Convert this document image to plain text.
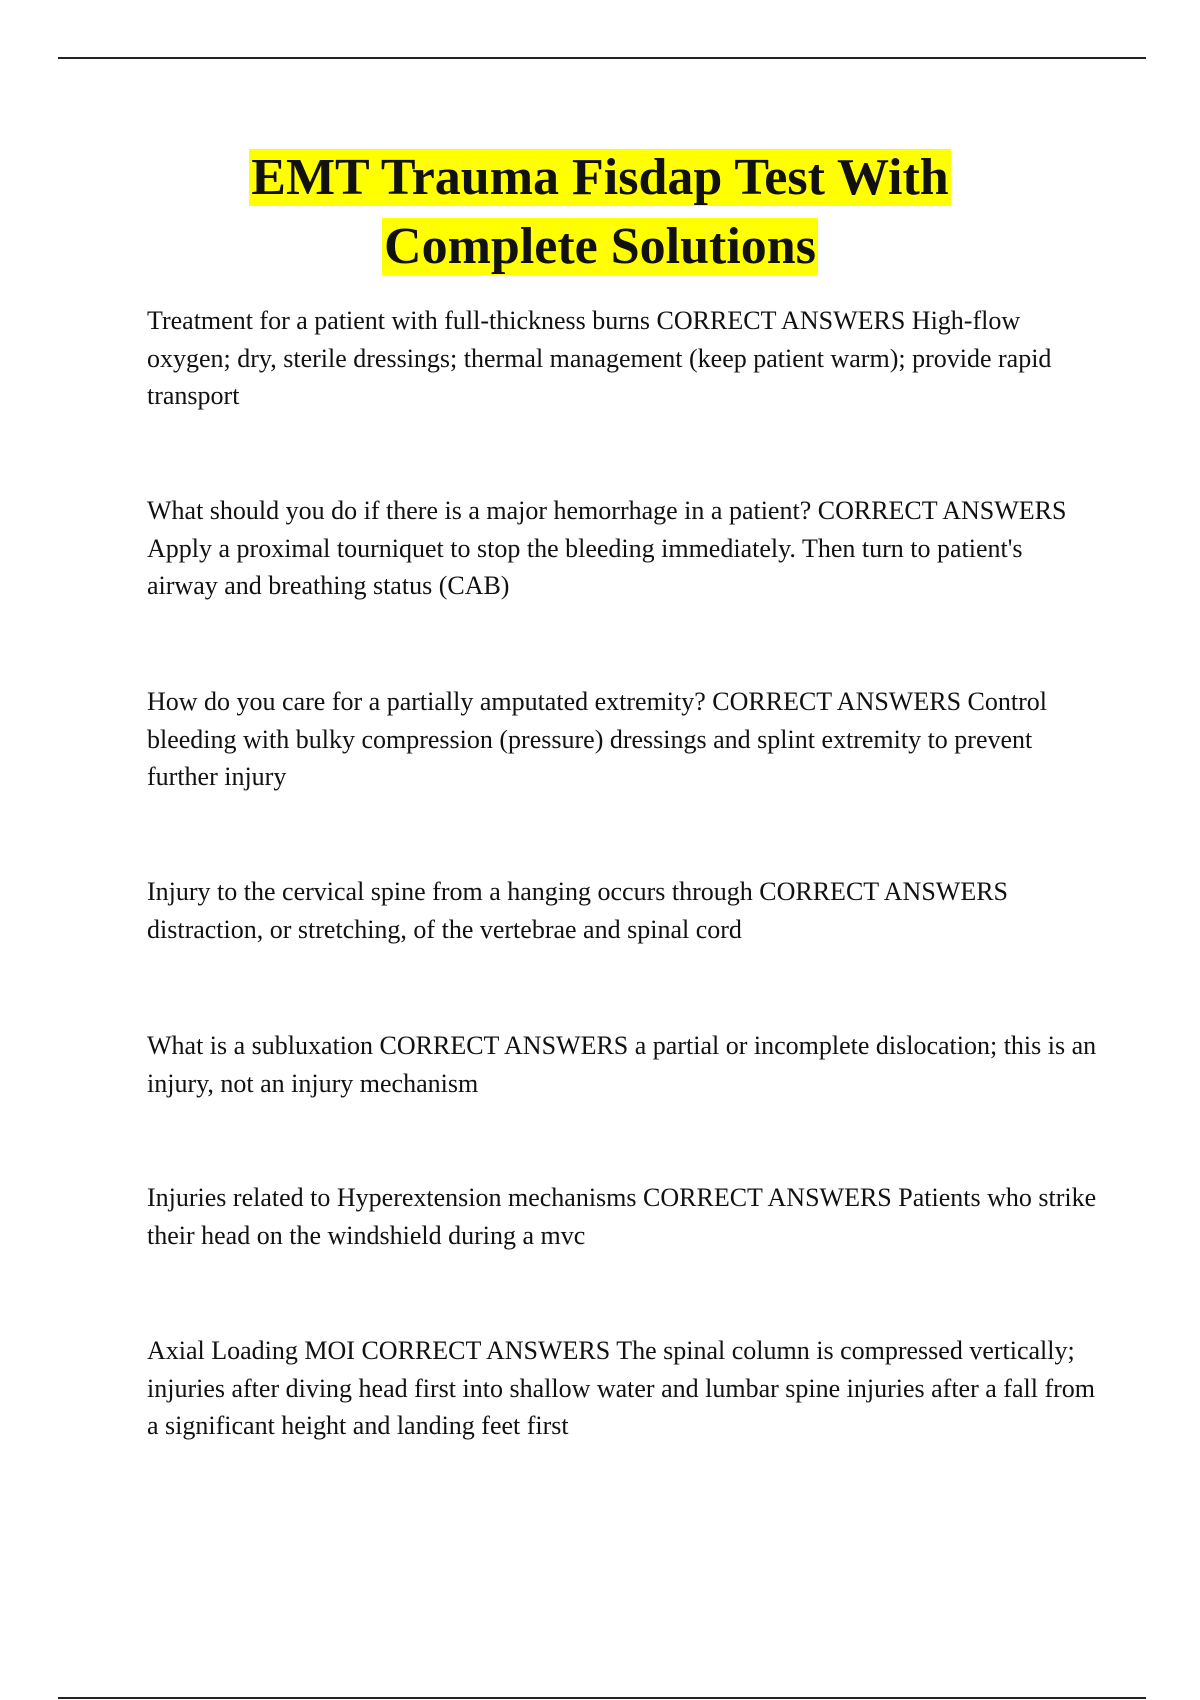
EMT Trauma Fisdap Test With
Complete Solutions
Treatment for a patient with full-thickness burns CORRECT ANSWERS High-flow oxygen; dry, sterile dressings; thermal management (keep patient warm); provide rapid transport
What should you do if there is a major hemorrhage in a patient? CORRECT ANSWERS Apply a proximal tourniquet to stop the bleeding immediately. Then turn to patient's airway and breathing status (CAB)
How do you care for a partially amputated extremity? CORRECT ANSWERS Control bleeding with bulky compression (pressure) dressings and splint extremity to prevent further injury
Injury to the cervical spine from a hanging occurs through CORRECT ANSWERS distraction, or stretching, of the vertebrae and spinal cord
What is a subluxation CORRECT ANSWERS a partial or incomplete dislocation; this is an injury, not an injury mechanism
Injuries related to Hyperextension mechanisms CORRECT ANSWERS Patients who strike their head on the windshield during a mvc
Axial Loading MOI CORRECT ANSWERS The spinal column is compressed vertically; injuries after diving head first into shallow water and lumbar spine injuries after a fall from a significant height and landing feet first
